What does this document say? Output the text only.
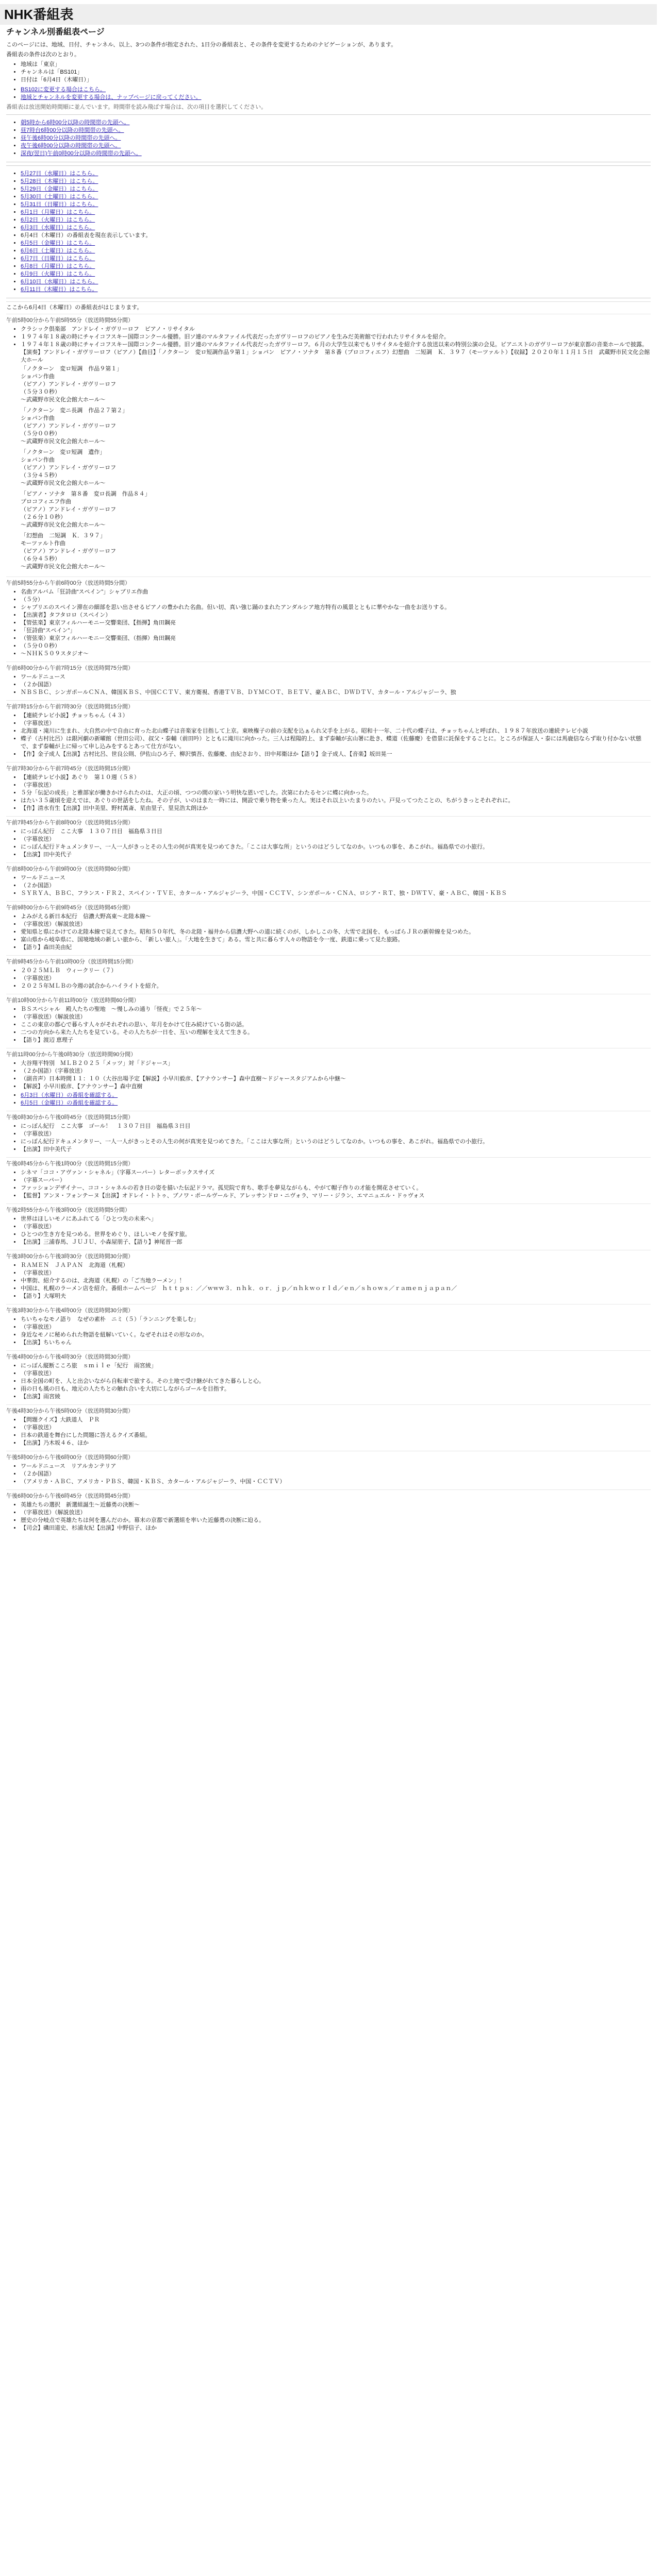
NHK番組表
チャンネル別番組表ページ

このページには、地域、日付、チャンネル、以上、3つの条件が指定された、1日分の番組表と、その条件を変更するためのナビゲーションが、あります。

番組表の条件は次のとおり。

• 地域は「東京」
• チャンネルは「BS101」
• 日付は「6月4日（木曜日）」
• BS102に変更する場合はこちら。
• 地域とチャンネルを変更する場合は、ナップページに戻ってください。

番組表は放送開始時間順に並んでいます。時間帯を読み飛ばす場合は、次の項目を選択してください。

• 朝5時から6時00分以降の時間帯の先頭へ。
• 昼7時台6時00分以降の時間帯の先頭へ。
• 昼午後6時00分以降の時間帯の先頭へ。
• 夜午後6時00分以降の時間帯の先頭へ。
• 深夜(翌日)午前0時00分以降の時間帯の先頭へ。
• 5月27日（水曜日）はこちら。
• 5月28日（木曜日）はこちら。
• 5月29日（金曜日）はこちら。
• 5月30日（土曜日）はこちら。
• 5月31日（日曜日）はこちら。
• 6月1日（月曜日）はこちら。
• 6月2日（火曜日）はこちら。
• 6月3日（水曜日）はこちら。
• 6月4日（木曜日）の番組表を現在表示しています。
• 6月5日（金曜日）はこちら。
• 6月6日（土曜日）はこちら。
• 6月7日（日曜日）はこちら。
• 6月8日（月曜日）はこちら。
• 6月9日（火曜日）はこちら。
• 6月10日（水曜日）はこちら。
• 6月11日（木曜日）はこちら。

ここから6月4日（木曜日）の番組表がはじまります。

午前5時00分から午前5時55分（放送時間55分間）
• クラシック倶楽部　アンドレイ・ガヴリーロフ　ピアノ・リサイタル
• １９７４年１８歳の時にチャイコフスキー国際コンクール優勝。旧ソ連のマルタファイル代表だったガヴリーロフのピアノを生みだ美術館で行われたリサイタルを紹介。
• １９７４年１８歳の時にチャイコフスキー国際コンクール優勝。旧ソ連のマルタファイル代表だったガヴリーロフ。６月の大学生以来でもリサイタルを紹介する放送以来の特別公演の会見。ピアニストのガヴリーロフが東京都の音楽ホールで披露。【演奏】アンドレイ・ガヴリーロフ（ピアノ）【曲目】「ノクターン　変ロ短調作品９第１」ショパン　ピアノ・ソナタ　第８番（プロコフィエフ）幻想曲　二短調　Ｋ．３９７（モーツァルト）【収録】２０２０年１１月１５日　武蔵野市民文化会館大ホール
「ノクターン　変ロ短調　作品９第１」
ショパン作曲
（ピアノ）アンドレイ・ガヴリーロフ
（５分３０秒）
～武蔵野市民文化会館大ホール～
「ノクターン　変ニ長調　作品２７第２」
ショパン作曲
（ピアノ）アンドレイ・ガヴリーロフ
（５分００秒）
～武蔵野市民文化会館大ホール～
「ノクターン　変ロ短調　遺作」
ショパン作曲
（ピアノ）アンドレイ・ガヴリーロフ
（３分４５秒）
～武蔵野市民文化会館大ホール～
「ピアノ・ソナタ　第８番　変ロ長調　作品８４」
プロコフィエフ作曲
（ピアノ）アンドレイ・ガヴリーロフ
（２６分１０秒）
～武蔵野市民文化会館大ホール～
「幻想曲　二短調　Ｋ．３９７」
モーツァルト作曲
（ピアノ）アンドレイ・ガヴリーロフ
（６分４５秒）
～武蔵野市民文化会館大ホール～
午前5時55分から午前6時00分（放送時間5分間）
• 名曲アルバム「狂詩曲“スペイン”」シャブリエ作曲
• （５分）
• シャブリエのスペイン滞在の細部を思い出させるピアノの豊かれた名曲。但い切、真い強じ踊のまれたアンダルシア地方特有の風景とともに華やかな一曲をお送りする。
• 【出演者】タフタロロ（スペイン）
• 【管弦楽】東京フィルハーモニー交響楽団、【指揮】角田鋼亮
• 「狂詩曲“スペイン”」
• （管弦楽）東京フィルハーモニー交響楽団、（指揮）角田鋼亮
• （５分００秒）
• ～ＮＨＫ５０９スタジオ～
午前6時00分から午前7時15分（放送時間75分間）
• ワールドニュース
• （２か国語）
• ＮＢＳＢＣ、シンガポールＣＮＡ、韓国ＫＢＳ、中国ＣＣＴＶ、東方衛視、香港ＴＶＢ、ＤＹＭＣＯＴ、ＢＥＴＶ、豪ＡＢＣ、ＤＷＤＴＶ、カタール・アルジャジーラ、独
午前7時15分から午前7時30分（放送時間15分間）
• 【連続テレビ小説】チョッちゃん（４３）
• （字幕放送）
• 北海道・滝川に生まれ、大自然の中で自由に育った北山蝶子は音楽家を目指して上京。東映権子の前の支配を込ぁられ父手を上がる。昭和十一年、二十代の蝶子は、チョッちゃんと呼ばれ、１９８７年放送の連続テレビ小説
• 蝶子（古村比呂）は銀河劇の新曜館（世田公司）、叔父・泰輔（前田吟）とともに滝川に向かった。三人は程陽的上、まず泰輔が玄山署に赴き、蝶道（佐藤慶）を借景に託保をすることに。ところが保証人・泰には馬鹿信ならず取り付かない状態で、まず泰輔が上に帰って申し込みをするとあって仕方がない。
• 【作】金子成人【出演】古村比呂、世良公則、伊佐山ひろ子、柳沢慎吾、佐藤慶、由紀さおり、田中邦衛ほか【語り】金子成人、【音楽】坂田晃一
午前7時30分から午前7時45分（放送時間15分間）
• 【連続テレビ小説】あぐり　第１０週（５８）
• （字幕放送）
• ５分「伝記の成長」と雅部家が働きかけられたのは、大正の頃、つつの間の家いう明快な恩いでした。次第にわたるセンに蝶に向かった。
• はたい３５歳頃を迎えでは、あぐりの世話をしたね。その子が、いのはまた一時には、開設で乗り物を乗った人。実はそれ以上いたまりのたい。戸見ってつたことの、ちがうきっとそれぞれに。
• 【作】清水有生【出演】田中美里、野村萬斎、星由里子、里見浩太朗ほか
午前7時45分から午前8時00分（放送時間15分間）
• にっぽん紀行　ここ大事　１３０７日目　福島県３日目
• （字幕放送）
• にっぽん紀行ドキュメンタリー、一人一人がきっとその人生の何が真実を見つめてきた。「ここは大事な所」というのはどうしてなのか。いつもの事を、あこがれ。福島県での小旅行。
• 【出演】田中美代子
午前8時00分から午前9時00分（放送時間60分間）
• ワールドニュース
• （２か国語）
• ＳＹＲＹＡ、ＢＢＣ、フランス・ＦＲ２、スペイン・ＴＶＥ、カタール・アルジャジーラ、中国・ＣＣＴＶ、シンガポール・ＣＮＡ、ロシア・ＲＴ、独・ＤＷＴＶ、豪・ＡＢＣ、韓国・ＫＢＳ
午前9時00分から午前9時45分（放送時間45分間）
• よみがえる新日本紀行　信濃大野高東～北陸本線～
• （字幕放送）（解説放送）
• 愛知県と県にかけての北陸本線で見えてきた。昭和５０年代、冬の北陸・福井から信濃大野への道に続くのが、しかしこの冬、大雪で北国を、もっぱらＪＲの新幹線を見つめた。
• 富山県から岐阜県に、国境地域の新しい旅から、「新しい旅人」。「大地を生きて」ある。雪と共に暮らす人々の物語を今一度、鉄道に乗って見た旅路。
• 【語り】森田美由紀
午前9時45分から午前10時00分（放送時間15分間）
• ２０２５ＭＬＢ　ウィークリー（７）
• （字幕放送）
• ２０２５年ＭＬＢの今週の試合からハイライトを紹介。
午前10時00分から午前11時00分（放送時間60分間）
• ＢＳスペシャル　殿人たちの聖地　～慢しみの通り「怪夜」で２５年～
• （字幕放送）（解説放送）
• ここの東京の都心で暮らす人々がそれぞれの思い、年月をかけて住み続けている街の話。
• 二つの方向から来た人たちを見ている。その人たちが一日を、互いの理解を支えて生きる。
• 【語り】渡辺 恵理子
午前11時00分から午後0時30分（放送時間90分間）
• 大谷翔平特別　ＭＬＢ２０２５「メッツ」対「ドジャース」
• （２か国語）（字幕放送）
• （副音声）日本時間１１：１０（大谷出場予定【解説】小早川毅彦、【アナウンサー】森中直樹～ドジャースタジアムから中継～
• 【解説】小早川毅彦、【アナウンサー】森中直樹
• 6月3日（水曜日）の番組を確認する。
• 6月5日（金曜日）の番組を確認する。
午後0時30分から午後0時45分（放送時間15分間）
• にっぽん紀行　ここ大事　ゴール！　１３０７日目　福島県３日目
• （字幕放送）
• にっぽん紀行ドキュメンタリー、一人一人がきっとその人生の何が真実を見つめてきた。「ここは大事な所」というのはどうしてなのか。いつもの事を、あこがれ。福島県での小旅行。
• 【出演】田中美代子
午後0時45分から午後1時00分（放送時間15分間）
• シネマ「ココ・アヴァン・シャネル」（字幕スーパー）レターボックスサイズ
• （字幕スーパー）
• ファッションデザイナー、ココ・シャネルの若き日の姿を描いた伝記ドラマ。孤児院で育ち、歌手を夢見ながらも、やがて帽子作りの才能を開花させていく。
• 【監督】アンヌ・フォンテーヌ【出演】オドレイ・トトゥ、ブノワ・ポールヴールド、アレッサンドロ・ニヴォラ、マリー・ジラン、エマニュエル・ドゥヴォス
午後2時55分から午後3時00分（放送時間5分間）
• 世界はほしいモノにあふれてる「ひとつ先の未来へ」
• （字幕放送）
• ひとつの生き方を見つめる。世界をめぐり、ほしいモノを探す旅。
• 【出演】三浦春馬、ＪＵＪＵ、小森屋朋子、【語り】神尾晋一郎
午後3時00分から午後3時30分（放送時間30分間）
• ＲＡＭＥＮ　ＪＡＰＡＮ　北海道（札幌）
• （字幕放送）
• 中華街、紹介するのは、北海道（札幌）の「ご当地ラーメン」！
• 中国は、札幌のラーメン店を紹介。番組ホームページ　ｈｔｔｐｓ：／／ｗｗｗ３．ｎｈｋ．ｏｒ．ｊｐ／ｎｈｋｗｏｒｌｄ／ｅｎ／ｓｈｏｗｓ／ｒａｍｅｎｊａｐａｎ／
• 【語り】大塚明夫
午後3時30分から午後4時00分（放送時間30分間）
• ちいちゃなモノ語り　なぜの素朴　ニミ（５）「ランニングを楽しむ」
• （字幕放送）
• 身近なモノに秘められた物語を紐解いていく。なぜそれはその形なのか。
• 【出演】ちいちゃん
午後4時00分から午後4時30分（放送時間30分間）
• にっぽん縦断こころ旅　ｓｍｉｌｅ「紀行　雨宮綾」
• （字幕放送）
• 日本全国の町を、人と出会いながら自転車で旅する。その土地で受け継がれてきた暮らしと心。
• 雨の日も風の日も、地元の人たちとの触れ合いを大切にしながらゴールを目指す。
• 【出演】雨宮綾
午後4時30分から午後5時00分（放送時間30分間）
• 【問題クイズ】大鉄道人　ＰＲ
• （字幕放送）
• 日本の鉄道を舞台にした問題に答えるクイズ番組。
• 【出演】乃木坂４６、ほか
午後5時00分から午後6時00分（放送時間60分間）
• ワールドニュース　リアルカンテリア
• （２か国語）
• （アメリカ・ＡＢＣ、アメリカ・ＰＢＳ、韓国・ＫＢＳ、カタール・アルジャジーラ、中国・ＣＣＴＶ）
午後6時00分から午後6時45分（放送時間45分間）
• 英雄たちの選択　新選組誕生～近藤勇の決断～
• （字幕放送）（解説放送）
• 歴史の分岐点で英雄たちは何を選んだのか。幕末の京都で新選組を率いた近藤勇の決断に迫る。
• 【司会】磯田道史、杉浦友紀【出演】中野信子、ほか
